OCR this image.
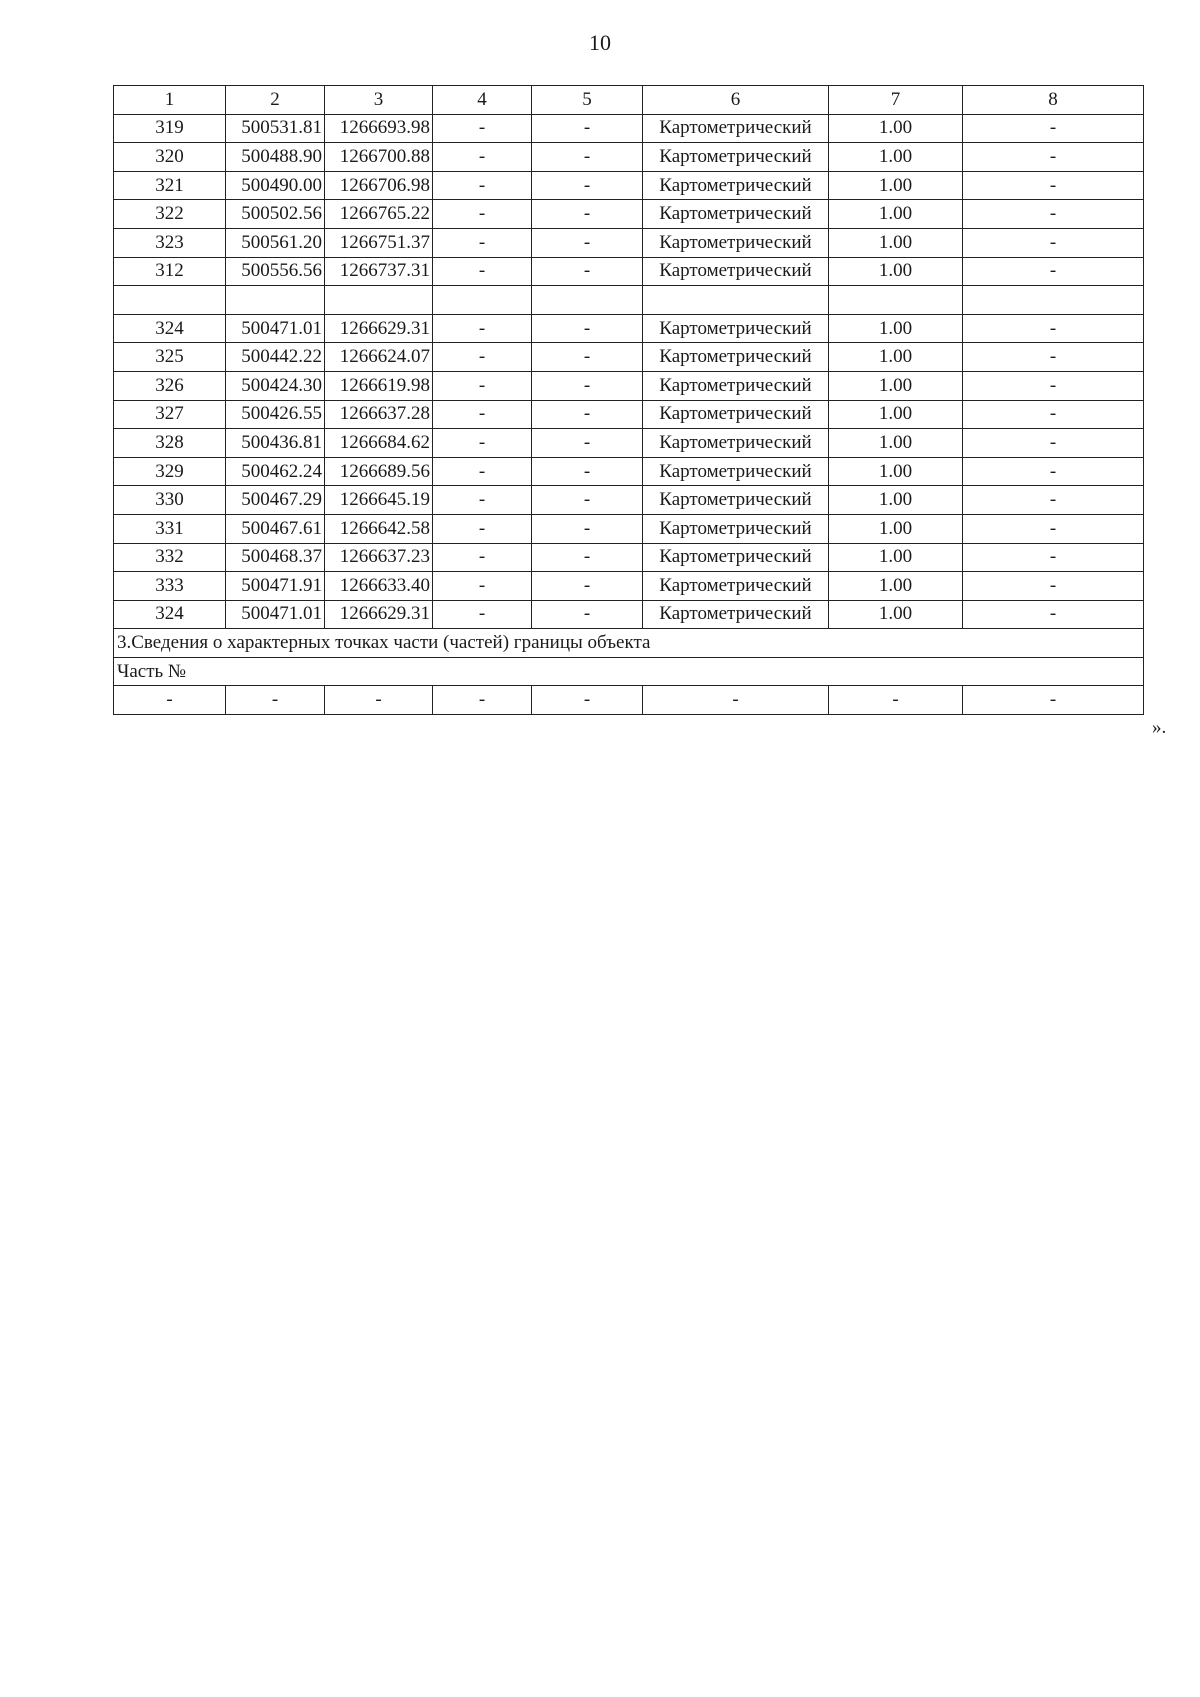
10
1	2	3	4	5	6	7	8
319	500531.81	1266693.98	-	-	Картометрический	1.00	-
320	500488.90	1266700.88	-	-	Картометрический	1.00	-
321	500490.00	1266706.98	-	-	Картометрический	1.00	-
322	500502.56	1266765.22	-	-	Картометрический	1.00	-
323	500561.20	1266751.37	-	-	Картометрический	1.00	-
312	500556.56	1266737.31	-	-	Картометрический	1.00	-

324	500471.01	1266629.31	-	-	Картометрический	1.00	-
325	500442.22	1266624.07	-	-	Картометрический	1.00	-
326	500424.30	1266619.98	-	-	Картометрический	1.00	-
327	500426.55	1266637.28	-	-	Картометрический	1.00	-
328	500436.81	1266684.62	-	-	Картометрический	1.00	-
329	500462.24	1266689.56	-	-	Картометрический	1.00	-
330	500467.29	1266645.19	-	-	Картометрический	1.00	-
331	500467.61	1266642.58	-	-	Картометрический	1.00	-
332	500468.37	1266637.23	-	-	Картометрический	1.00	-
333	500471.91	1266633.40	-	-	Картометрический	1.00	-
324	500471.01	1266629.31	-	-	Картометрический	1.00	-
3.Сведения о характерных точках части (частей) границы объекта							
Часть №							
-	-	-	-	-	-	-	-
».
